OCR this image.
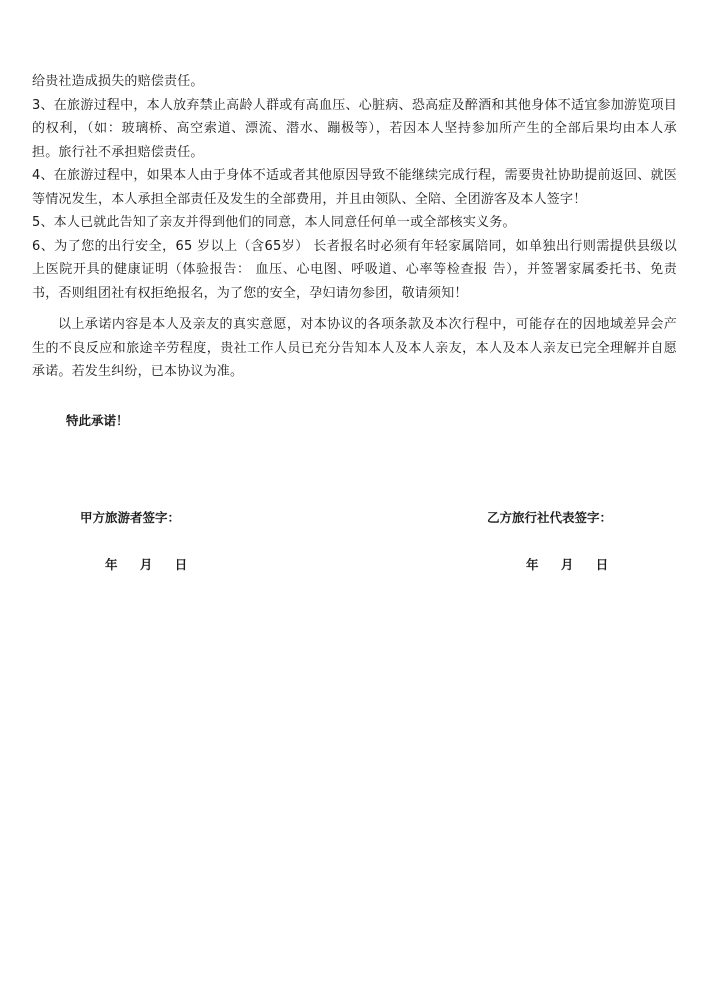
给贵社造成损失的赔偿责任。

3、在旅游过程中，本人放弃禁止高龄人群或有高血压、心脏病、恐高症及醉酒和其他身体不适宜参加游览项目的权利，（如：玻璃桥、高空索道、漂流、潜水、蹦极等），若因本人坚持参加所产生的全部后果均由本人承担。旅行社不承担赔偿责任。

4、在旅游过程中，如果本人由于身体不适或者其他原因导致不能继续完成行程，需要贵社协助提前返回、就医等情况发生，本人承担全部责任及发生的全部费用，并且由领队、全陪、全团游客及本人签字！

5、本人已就此告知了亲友并得到他们的同意，本人同意任何单一或全部核实义务。

6、为了您的出行安全，65 岁以上（含65岁） 长者报名时必须有年轻家属陪同，如单独出行则需提供县级以上医院开具的健康证明（体验报告： 血压、心电图、呼吸道、心率等检查报 告），并签署家属委托书、免责书，否则组团社有权拒绝报名，为了您的安全，孕妇请勿参团，敬请须知！

以上承诺内容是本人及亲友的真实意愿，对本协议的各项条款及本次行程中，可能存在的因地域差异会产生的不良反应和旅途辛劳程度，贵社工作人员已充分告知本人及本人亲友，本人及本人亲友已完全理解并自愿承诺。若发生纠纷，已本协议为准。

特此承诺！
甲方旅游者签字：	乙方旅行社代表签字：
年 月 日	年 月 日
